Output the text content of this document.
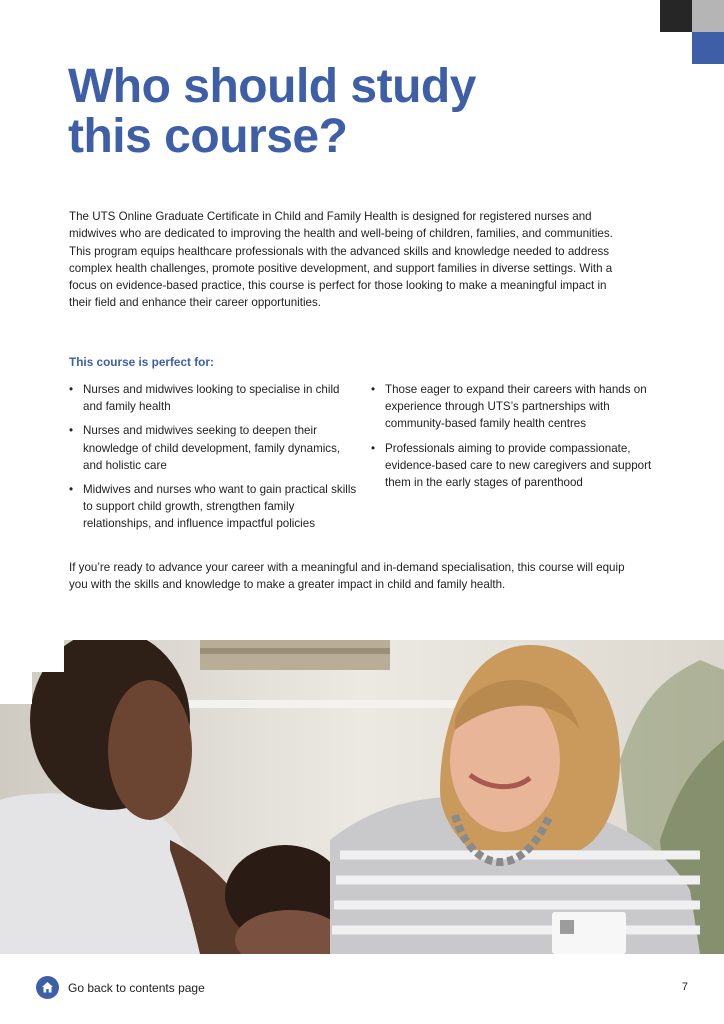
Who should study
this course?

The UTS Online Graduate Certificate in Child and Family Health is designed for registered nurses and midwives who are dedicated to improving the health and well-being of children, families, and communities. This program equips healthcare professionals with the advanced skills and knowledge needed to address complex health challenges, promote positive development, and support families in diverse settings. With a focus on evidence-based practice, this course is perfect for those looking to make a meaningful impact in their field and enhance their career opportunities.

This course is perfect for:

• Nurses and midwives looking to specialise in child and family health
• Nurses and midwives seeking to deepen their knowledge of child development, family dynamics, and holistic care
• Midwives and nurses who want to gain practical skills to support child growth, strengthen family relationships, and influence impactful policies
• Those eager to expand their careers with hands on experience through UTS’s partnerships with community-based family health centres
• Professionals aiming to provide compassionate, evidence-based care to new caregivers and support them in the early stages of parenthood

If you’re ready to advance your career with a meaningful and in-demand specialisation, this course will equip you with the skills and knowledge to make a greater impact in child and family health.

Go back to contents page	7
